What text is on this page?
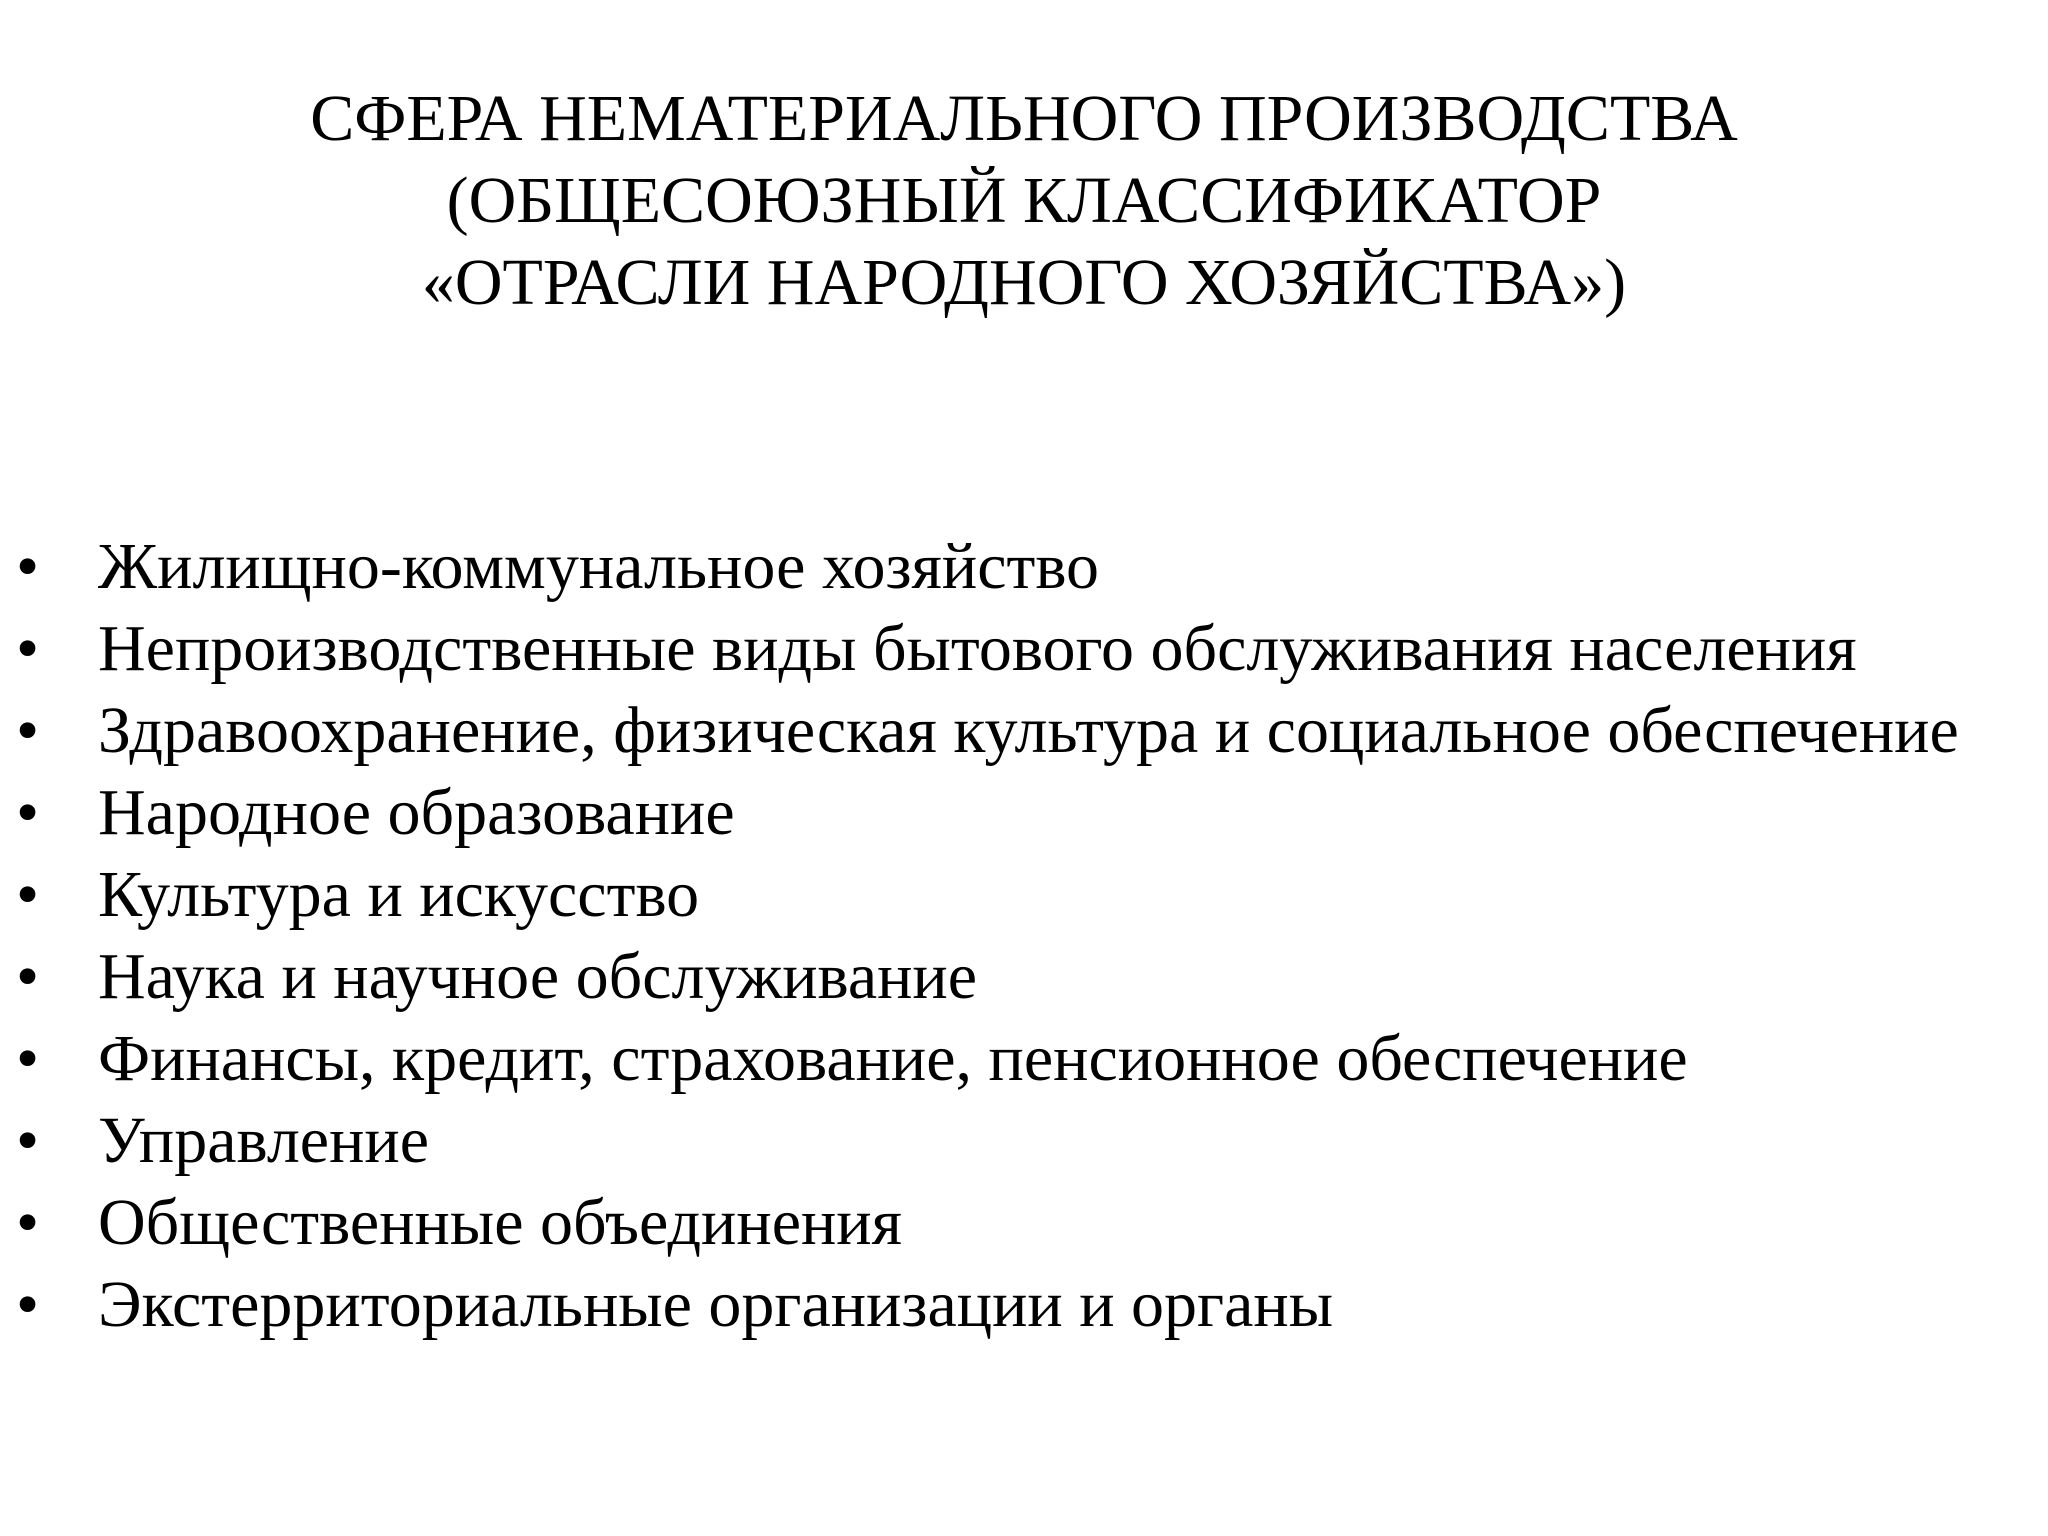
СФЕРА НЕМАТЕРИАЛЬНОГО ПРОИЗВОДСТВА
(ОБЩЕСОЮЗНЫЙ КЛАССИФИКАТОР
«ОТРАСЛИ НАРОДНОГО ХОЗЯЙСТВА»)
• Жилищно-коммунальное хозяйство
• Непроизводственные виды бытового обслуживания населения
• Здравоохранение, физическая культура и социальное обеспечение
• Народное образование
• Культура и искусство
• Наука и научное обслуживание
• Финансы, кредит, страхование, пенсионное обеспечение
• Управление
• Общественные объединения
• Экстерриториальные организации и органы
